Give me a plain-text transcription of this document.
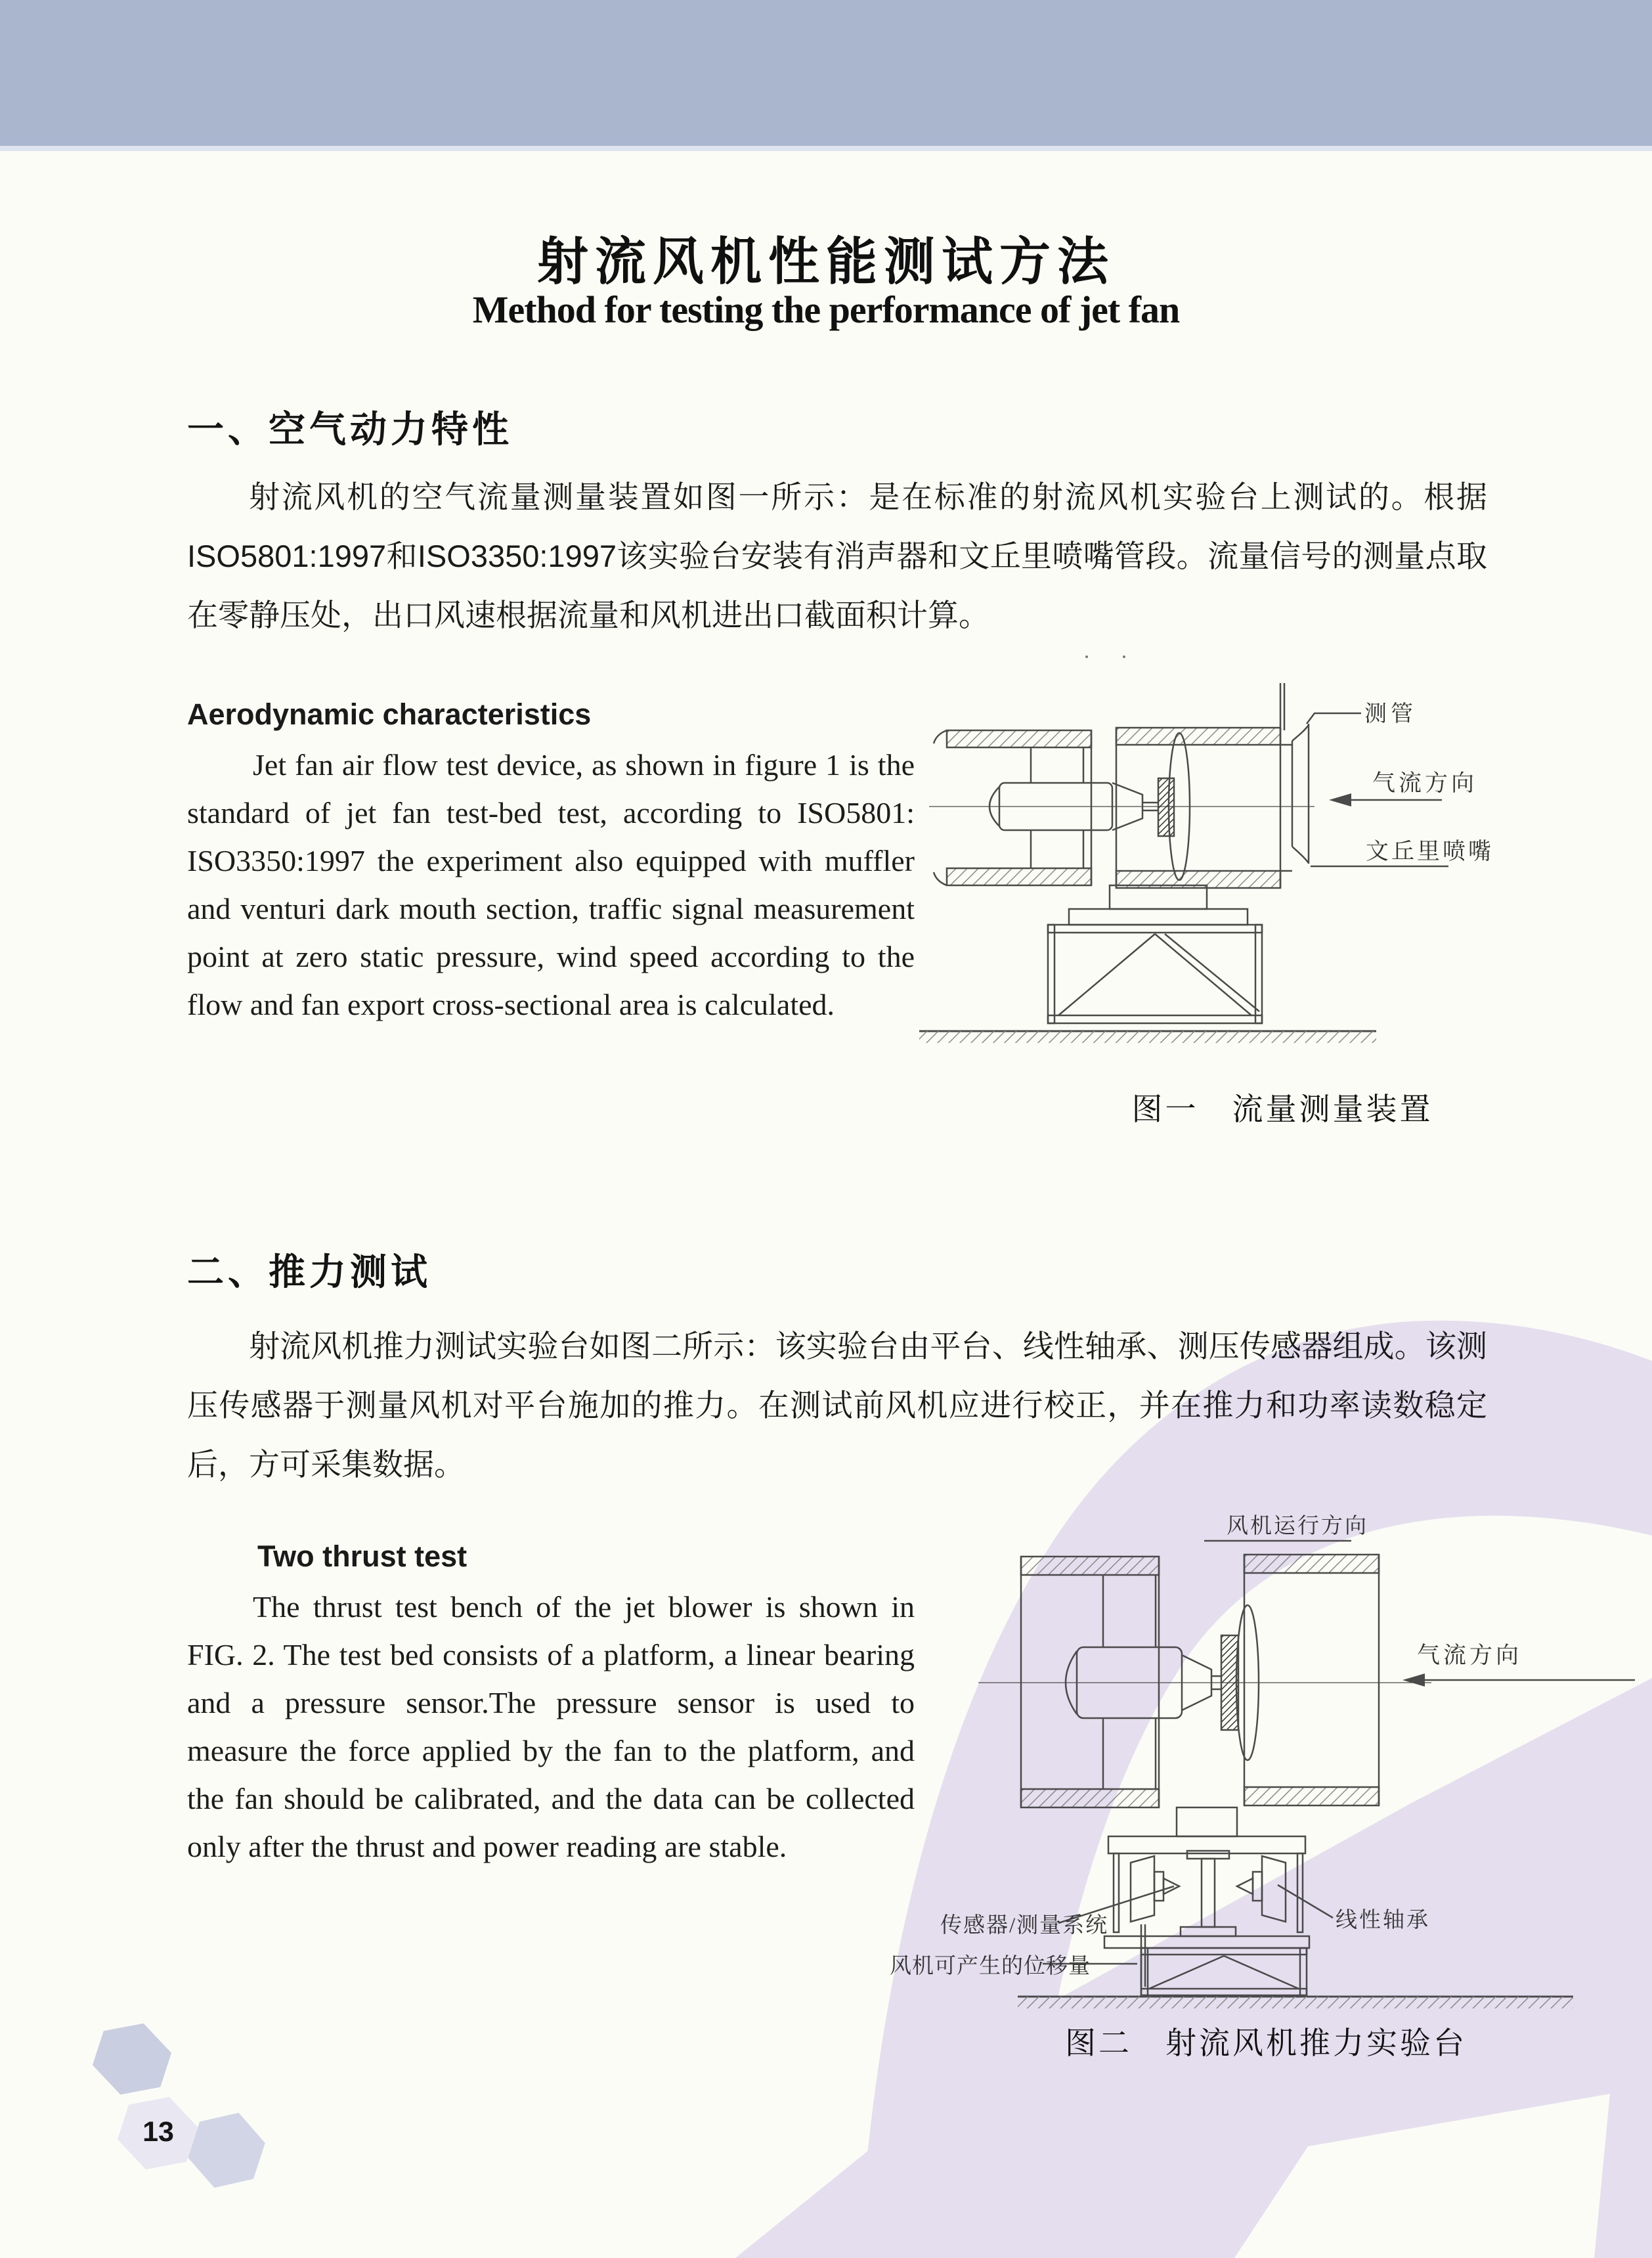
射流风机性能测试方法
Method for testing the performance of jet fan
一、空气动力特性
射流风机的空气流量测量装置如图一所示：是在标准的射流风机实验台上测试的。根据ISO5801:1997和ISO3350:1997该实验台安装有消声器和文丘里喷嘴管段。流量信号的测量点取在零静压处，出口风速根据流量和风机进出口截面积计算。
Aerodynamic characteristics
Jet fan air flow test device, as shown in figure 1 is the standard of jet fan test-bed test, according to ISO5801: ISO3350:1997 the experiment also equipped with muffler and venturi dark mouth section, traffic signal measurement point at zero static pressure, wind speed according to the flow and fan export cross-sectional area is calculated.
测管
气流方向
文丘里喷嘴
图一　流量测量装置
二、推力测试
射流风机推力测试实验台如图二所示：该实验台由平台、线性轴承、测压传感器组成。该测压传感器于测量风机对平台施加的推力。在测试前风机应进行校正，并在推力和功率读数稳定后，方可采集数据。
Two thrust test
The thrust test bench of the jet blower is shown in FIG. 2. The test bed consists of a platform, a linear bearing and a pressure sensor.The pressure sensor is used to measure the force applied by the fan to the platform, and the fan should be calibrated, and the data can be collected only after the thrust and power reading are stable.
风机运行方向
气流方向
传感器/测量系统	线性轴承
风机可产生的位移量
图二　射流风机推力实验台
13
